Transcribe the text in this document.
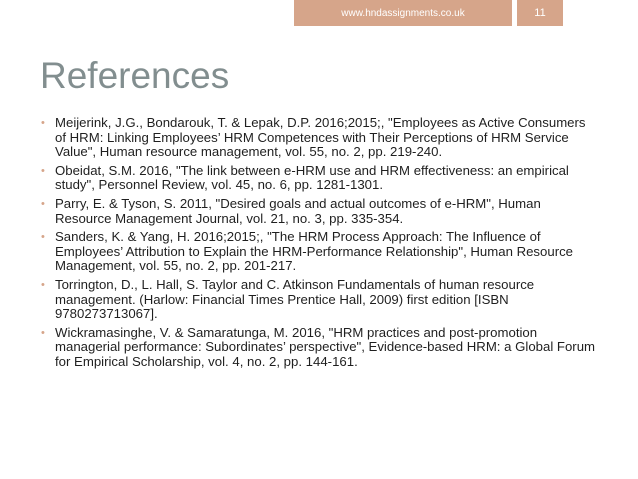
www.hndassignments.co.uk	11
References
• Meijerink, J.G., Bondarouk, T. & Lepak, D.P. 2016;2015;, "Employees as Active Consumers of HRM: Linking Employees’ HRM Competences with Their Perceptions of HRM Service Value", Human resource management, vol. 55, no. 2, pp. 219-240.
• Obeidat, S.M. 2016, "The link between e-HRM use and HRM effectiveness: an empirical study", Personnel Review, vol. 45, no. 6, pp. 1281-1301.
• Parry, E. & Tyson, S. 2011, "Desired goals and actual outcomes of e-HRM", Human Resource Management Journal, vol. 21, no. 3, pp. 335-354.
• Sanders, K. & Yang, H. 2016;2015;, "The HRM Process Approach: The Influence of Employees’ Attribution to Explain the HRM-Performance Relationship", Human Resource Management, vol. 55, no. 2, pp. 201-217.
• Torrington, D., L. Hall, S. Taylor and C. Atkinson Fundamentals of human resource management. (Harlow: Financial Times Prentice Hall, 2009) first edition [ISBN 9780273713067].
• Wickramasinghe, V. & Samaratunga, M. 2016, "HRM practices and post-promotion managerial performance: Subordinates’ perspective", Evidence-based HRM: a Global Forum for Empirical Scholarship, vol. 4, no. 2, pp. 144-161.
